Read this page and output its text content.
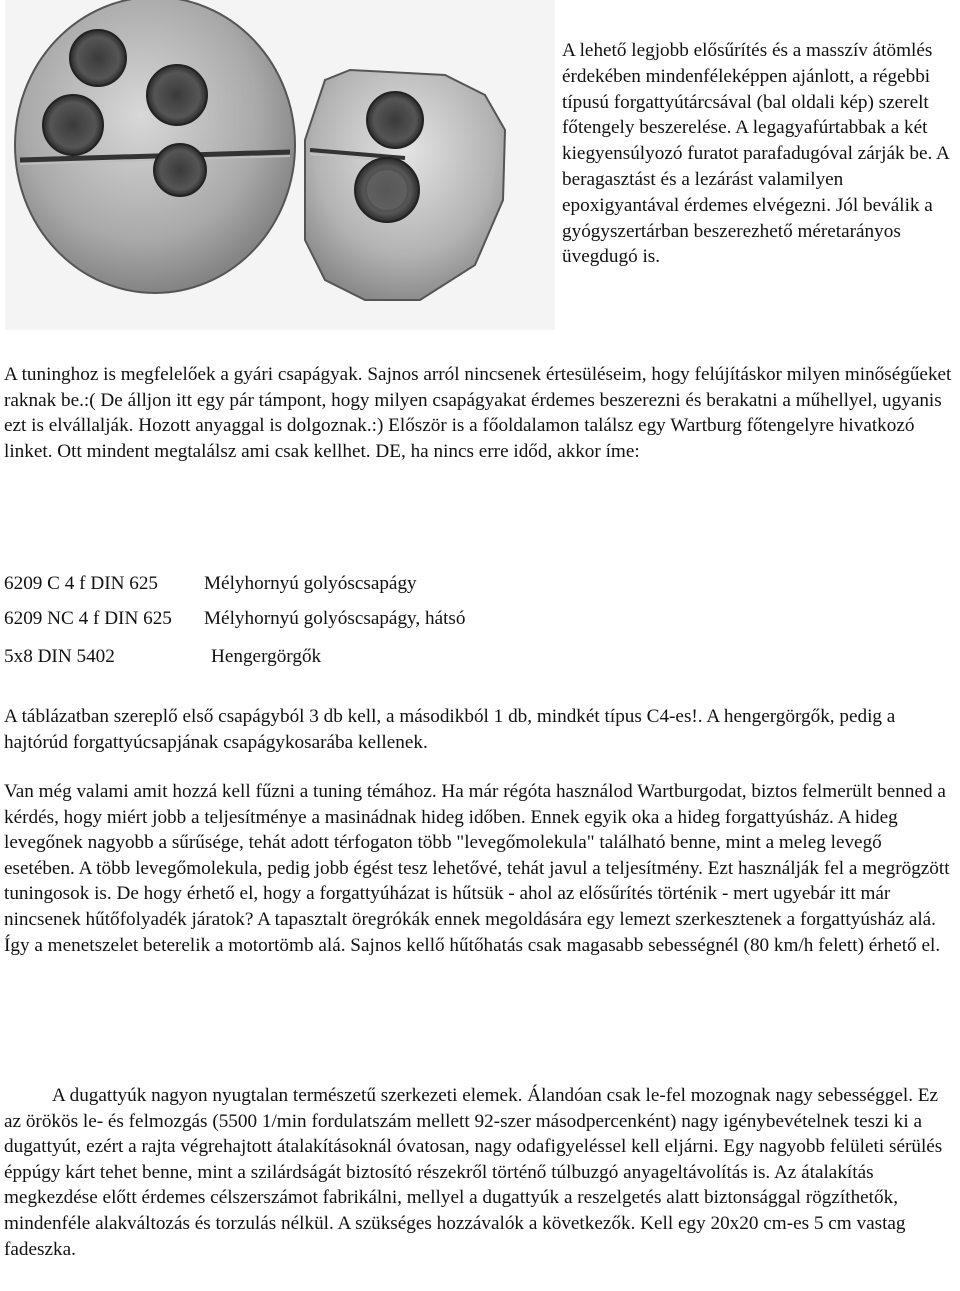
A lehető legjobb elősűrítés és a masszív átömlés érdekében mindenféleképpen ajánlott, a régebbi típusú forgattyútárcsával (bal oldali kép) szerelt főtengely beszerelése. A legagyafúrtabbak a két kiegyensúlyozó furatot parafadugóval zárják be. A beragasztást és a lezárást valamilyen epoxigyantával érdemes elvégezni. Jól beválik a gyógyszertárban beszerezhető méretarányos üvegdugó is.

A tuninghoz is megfelelőek a gyári csapágyak. Sajnos arról nincsenek értesüléseim, hogy felújításkor milyen minőségűeket raknak be.:( De álljon itt egy pár támpont, hogy milyen csapágyakat érdemes beszerezni és berakatni a műhellyel, ugyanis ezt is elvállalják. Hozott anyaggal is dolgoznak.:) Először is a főoldalamon találsz egy Wartburg főtengelyre hivatkozó linket. Ott mindent megtalálsz ami csak kellhet. DE, ha nincs erre időd, akkor íme:

6209 C 4 f DIN 625 Mélyhornyú golyóscsapágy
6209 NC 4 f DIN 625 Mélyhornyú golyóscsapágy, hátsó
5x8 DIN 5402	Hengergörgők

A táblázatban szereplő első csapágyból 3 db kell, a másodikból 1 db, mindkét típus C4-es!. A hengergörgők, pedig a hajtórúd forgattyúcsapjának csapágykosarába kellenek.

Van még valami amit hozzá kell fűzni a tuning témához. Ha már régóta használod Wartburgodat, biztos felmerült benned a kérdés, hogy miért jobb a teljesítménye a masinádnak hideg időben. Ennek egyik oka a hideg forgattyúsház. A hideg levegőnek nagyobb a sűrűsége, tehát adott térfogaton több "levegőmolekula" található benne, mint a meleg levegő esetében. A több levegőmolekula, pedig jobb égést tesz lehetővé, tehát javul a teljesítmény. Ezt használják fel a megrögzött tuningosok is. De hogy érhető el, hogy a forgattyúházat is hűtsük - ahol az elősűrítés történik - mert ugyebár itt már nincsenek hűtőfolyadék járatok? A tapasztalt öregrókák ennek megoldására egy lemezt szerkesztenek a forgattyúsház alá. Így a menetszelet beterelik a motortömb alá. Sajnos kellő hűtőhatás csak magasabb sebességnél (80 km/h felett) érhető el.

A dugattyúk nagyon nyugtalan természetű szerkezeti elemek. Álandóan csak le-fel mozognak nagy sebességgel. Ez az örökös le- és felmozgás (5500 1/min fordulatszám mellett 92-szer másodpercenként) nagy igénybevételnek teszi ki a dugattyút, ezért a rajta végrehajtott átalakításoknál óvatosan, nagy odafigyeléssel kell eljárni. Egy nagyobb felületi sérülés éppúgy kárt tehet benne, mint a szilárdságát biztosító részekről történő túlbuzgó anyageltávolítás is. Az átalakítás megkezdése előtt érdemes célszerszámot fabrikálni, mellyel a dugattyúk a reszelgetés alatt biztonsággal rögzíthetők, mindenféle alakváltozás és torzulás nélkül. A szükséges hozzávalók a következők. Kell egy 20x20 cm-es 5 cm vastag fadeszka.
